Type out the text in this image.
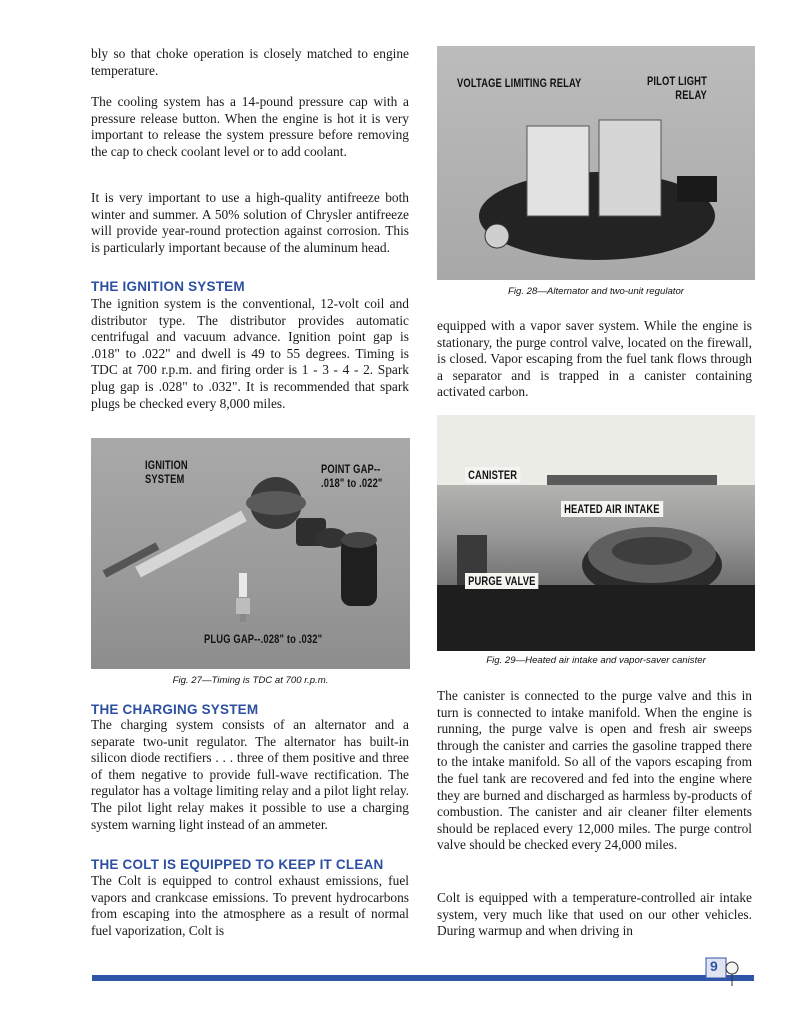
bly so that choke operation is closely matched to engine temperature.

The cooling system has a 14-pound pressure cap with a pressure release button. When the engine is hot it is very important to release the system pressure before removing the cap to check coolant level or to add coolant.

It is very important to use a high-quality antifreeze both winter and summer. A 50% solution of Chrysler antifreeze will provide year-round protection against corrosion. This is particularly important because of the aluminum head.

THE IGNITION SYSTEM

The ignition system is the conventional, 12-volt coil and distributor type. The distributor provides automatic centrifugal and vacuum advance. Ignition point gap is .018" to .022" and dwell is 49 to 55 degrees. Timing is TDC at 700 r.p.m. and firing order is 1 - 3 - 4 - 2. Spark plug gap is .028" to .032". It is recommended that spark plugs be checked every 8,000 miles.

IGNITION
SYSTEM
POINT GAP--
.018" to .022"
PLUG GAP--.028" to .032"
Fig. 27—Timing is TDC at 700 r.p.m.
THE CHARGING SYSTEM

The charging system consists of an alternator and a separate two-unit regulator. The alternator has built-in silicon diode rectifiers . . . three of them positive and three of them negative to provide full-wave rectification. The regulator has a voltage limiting relay and a pilot light relay. The pilot light relay makes it possible to use a charging system warning light instead of an ammeter.

THE COLT IS EQUIPPED TO KEEP IT CLEAN

The Colt is equipped to control exhaust emissions, fuel vapors and crankcase emissions. To prevent hydrocarbons from escaping into the atmosphere as a result of normal fuel vaporization, Colt is

VOLTAGE LIMITING RELAY	PILOT LIGHT
RELAY
Fig. 28—Alternator and two-unit regulator

equipped with a vapor saver system. While the engine is stationary, the purge control valve, located on the firewall, is closed. Vapor escaping from the fuel tank flows through a separator and is trapped in a canister containing activated carbon.

CANISTER
HEATED AIR INTAKE
PURGE VALVE
Fig. 29—Heated air intake and vapor-saver canister

The canister is connected to the purge valve and this in turn is connected to intake manifold. When the engine is running, the purge valve is open and fresh air sweeps through the canister and carries the gasoline trapped there to the intake manifold. So all of the vapors escaping from the fuel tank are recovered and fed into the engine where they are burned and discharged as harmless by-products of combustion. The canister and air cleaner filter elements should be replaced every 12,000 miles. The purge control valve should be checked every 24,000 miles.

Colt is equipped with a temperature-controlled air intake system, very much like that used on our other vehicles. During warmup and when driving in

9
